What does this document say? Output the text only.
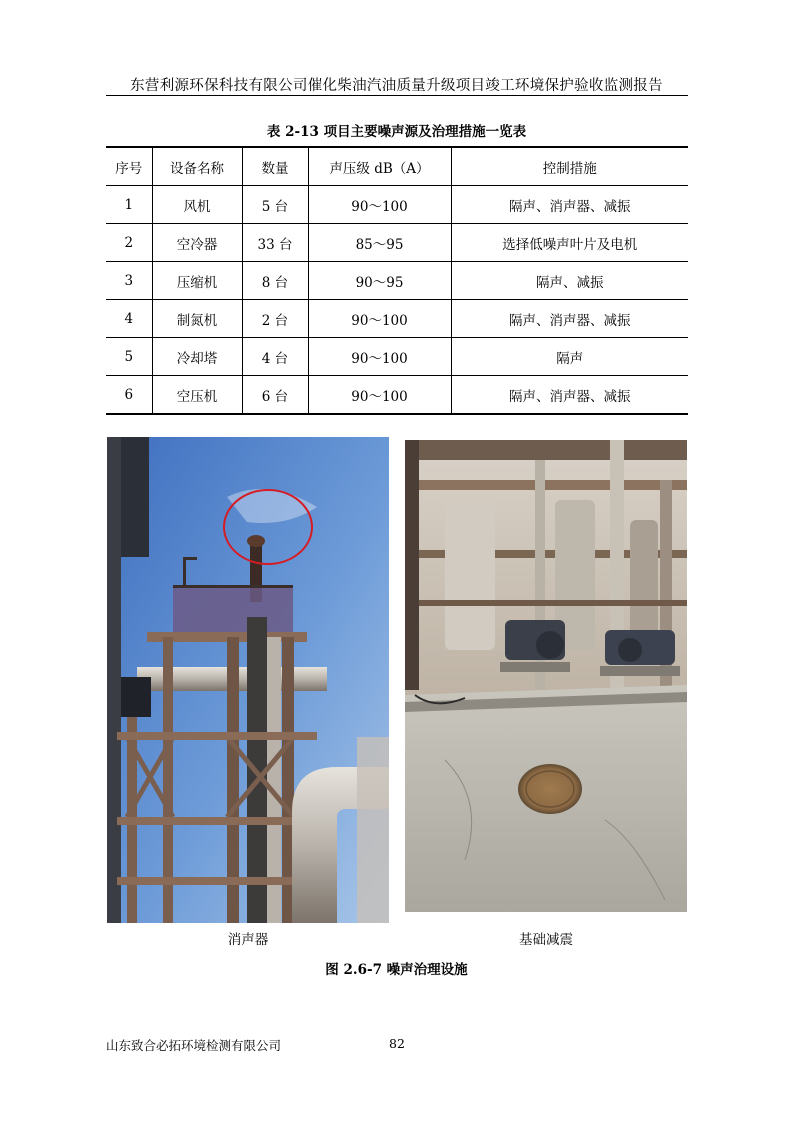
东营利源环保科技有限公司催化柴油汽油质量升级项目竣工环境保护验收监测报告
表 2-13 项目主要噪声源及治理措施一览表
序号	设备名称	数量	声压级 dB（A）	控制措施
1	风机	5 台	90～100	隔声、消声器、减振
2	空冷器	33 台	85～95	选择低噪声叶片及电机
3	压缩机	8 台	90～95	隔声、减振
4	制氮机	2 台	90～100	隔声、消声器、减振
5	冷却塔	4 台	90～100	隔声
6	空压机	6 台	90～100	隔声、消声器、减振
消声器	基础减震
图 2.6-7 噪声治理设施
山东致合必拓环境检测有限公司	82
